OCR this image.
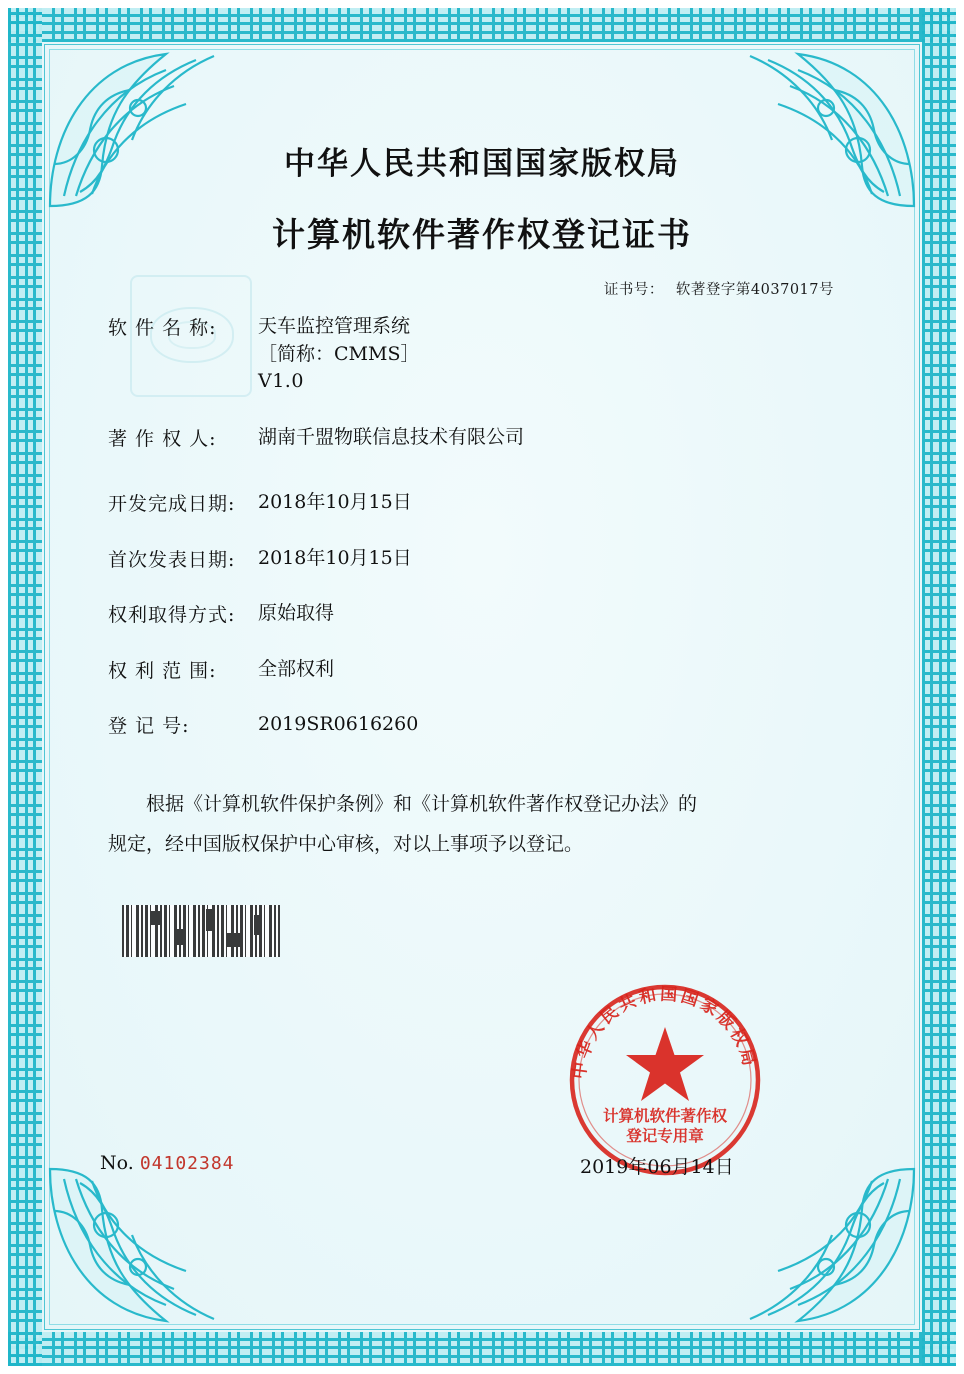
中华人民共和国国家版权局
计算机软件著作权登记证书
证书号： 软著登字第4037017号
软 件 名 称:	天车监控管理系统
［简称：CMMS］
V1.0
著 作 权 人:	湖南千盟物联信息技术有限公司
开发完成日期:	2018年10月15日
首次发表日期:	2018年10月15日
权利取得方式:	原始取得
权 利 范 围:	全部权利
登 记 号:	2019SR0616260
根据《计算机软件保护条例》和《计算机软件著作权登记办法》的
规定，经中国版权保护中心审核，对以上事项予以登记。
中华人民共和国国家版权局
计算机软件著作权
登记专用章
No. 04102384	2019年06月14日
